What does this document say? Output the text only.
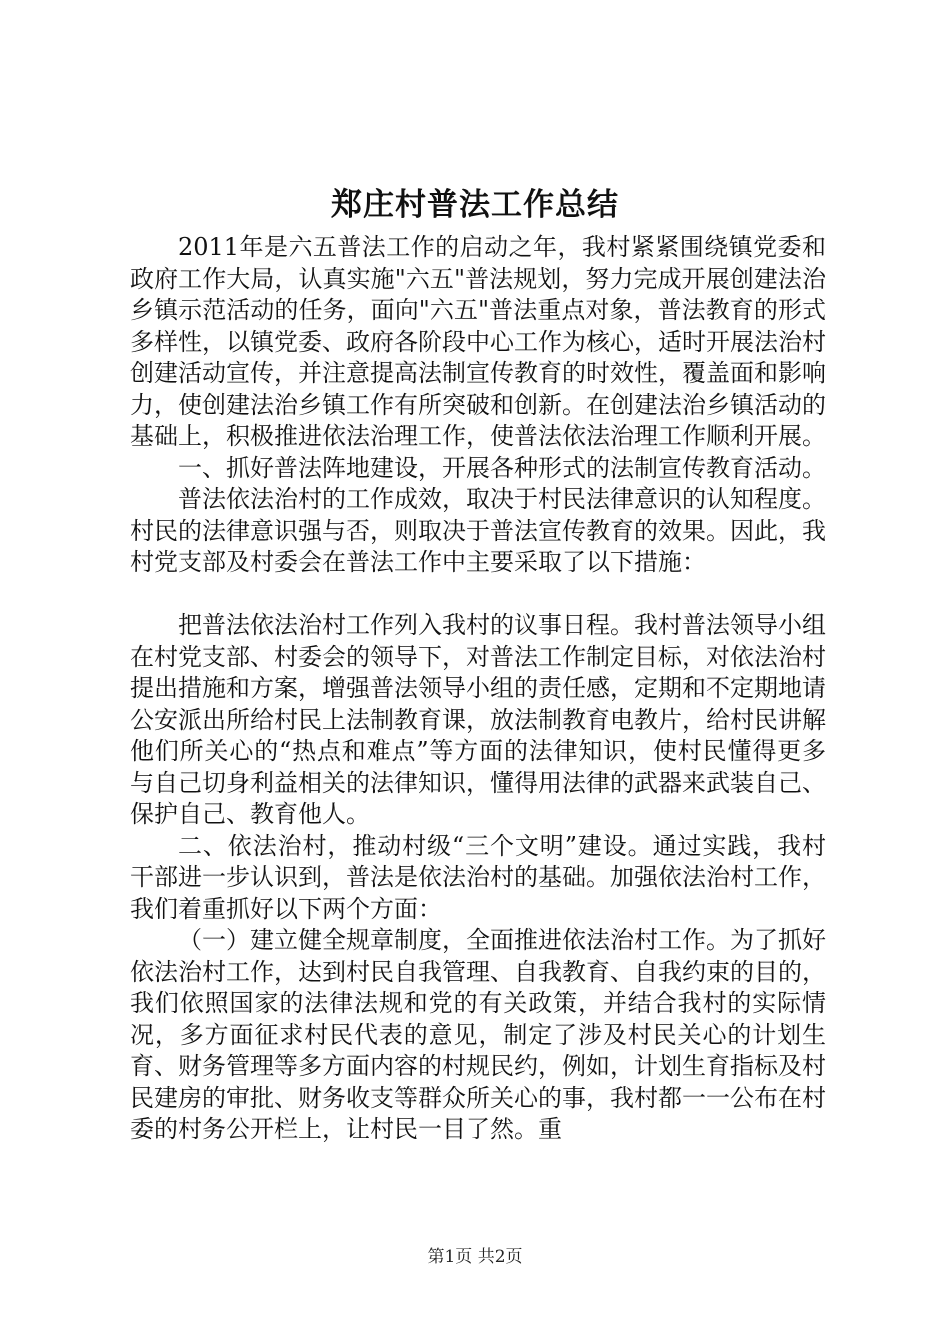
郑庄村普法工作总结

2011年是六五普法工作的启动之年，我村紧紧围绕镇党委和政府工作大局，认真实施"六五"普法规划，努力完成开展创建法治乡镇示范活动的任务，面向"六五"普法重点对象，普法教育的形式多样性，以镇党委、政府各阶段中心工作为核心，适时开展法治村创建活动宣传，并注意提高法制宣传教育的时效性，覆盖面和影响力，使创建法治乡镇工作有所突破和创新。在创建法治乡镇活动的基础上，积极推进依法治理工作，使普法依法治理工作顺利开展。

一、抓好普法阵地建设，开展各种形式的法制宣传教育活动。

普法依法治村的工作成效，取决于村民法律意识的认知程度。村民的法律意识强与否，则取决于普法宣传教育的效果。因此，我村党支部及村委会在普法工作中主要采取了以下措施：

把普法依法治村工作列入我村的议事日程。我村普法领导小组在村党支部、村委会的领导下，对普法工作制定目标，对依法治村提出措施和方案，增强普法领导小组的责任感，定期和不定期地请公安派出所给村民上法制教育课，放法制教育电教片，给村民讲解他们所关心的“热点和难点”等方面的法律知识，使村民懂得更多与自己切身利益相关的法律知识，懂得用法律的武器来武装自己、保护自己、教育他人。

二、依法治村，推动村级“三个文明”建设。通过实践，我村干部进一步认识到，普法是依法治村的基础。加强依法治村工作，我们着重抓好以下两个方面：

（一）建立健全规章制度，全面推进依法治村工作。为了抓好依法治村工作，达到村民自我管理、自我教育、自我约束的目的，我们依照国家的法律法规和党的有关政策，并结合我村的实际情况，多方面征求村民代表的意见，制定了涉及村民关心的计划生育、财务管理等多方面内容的村规民约，例如，计划生育指标及村民建房的审批、财务收支等群众所关心的事，我村都一一公布在村委的村务公开栏上，让村民一目了然。重

第1页 共2页
